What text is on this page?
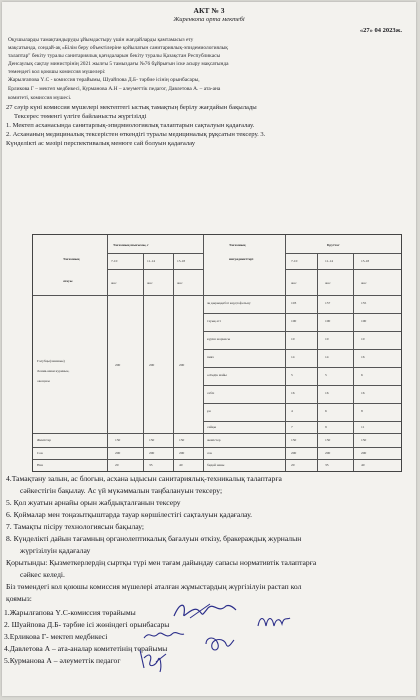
АКТ № 3
Жиренкопа орта мектебі
«27» 04 2023ж.
Оқушыларды тамақтандыруды ұйымдастыру үшін жағдайларды қамтамасыз ету
мақсатында, сондай-ақ «Білім беру объектілеріне қойылатын санитариялық-эпидемиологиялық
талаптар" бекіту туралы санитариялық қағидаларын бекіту туралы Қазақстан Республикасы
Денсаулық сақтау министрінің 2021 жылғы 5 тамыздағы №76 бұйрығын іске асыру мақсатында
төмендегі кол қоюшы комиссия мүшелері:
Жарылғапова Ү.С - комиссия төрайымы, Шуайпова Д.Б- тәрбие ісінің орынбасары,
Ерликова Г – мектеп медбикесі, Курманова А.Н – алеуметтік педагог, Давлетова А. – ата-ана
комитеті, комиссия мүшесі.
27 сәуір күні комиссия мүшелері мектептегі ыстық тамақтың берілу жағдайын бақылады
Тексерес төменгі үлгіге байланысты жүргізілді
1. Мектеп асханасында санитарлық-эпидмиологиялық талаптарын сақталуын қадағалау.
2. Асхананың медициналық тексерістен өткендігі туралы медициналық рұқсатын тексеру. 3.
Күнделікті ас мәзірі перспективалық менюге сай болуын қадағалау
Тағамның
атауы
Тағамның шығымы, г	Тағамның
ингредиенттері
Бруттоr
7-10	11-14	15-18
жас	жас	жас
7-10	11-14	15-18
жас	жас	жас
Голубцы(ленивые)
Ленив-ники куриные,
овощное
200	200	200
ақ қырыққабат кардтофельну	103	157	155
тауық еті	100	100	100
күріш жармасы	10	10	10
пияз	14	14	16
өсімдік майы	5	5	6
сәбіз	16	16	16
ұн	4	6	8
сайқы	7	9	11
Жемістер	150	150	150	жемістер	150	150	150
Сок	200	200	200	сок	200	200	200
Нан	20	35	40	бидай наны	20	35	40
4.Тамақтану залын, ас блогын, асхана ыдысын санитариялық-техникалық талаптарға
сәйкестігін бақылау. Ас үй мүкәммалын таңбалануын тексеру;
5. Қол жуатын арнайы орын жабдықталғанын тексеру
6. Қоймалар мен тоңазытқыштарда тауар көршілестігі сақталуын қадағалау.
7. Тамақты пісіру технологиясын бақылау;
8. Күнделікті дайын тағамның органолептикалық бағалуын өткізу, бракераждық журналын
жүргізілуін қадағалау
Қорытынды: Қызметкерлердің сыртқы түрі мен тағам дайындау сапасы нормативтік талаптарға
сәйкес келеді.
Біз төмендегі кол қоюшы комиссия мүшелері аталған жұмыстардың жүргізілуін растап кол
қоямыз:
1.Жарылғапова Ү.С-комиссия төрайымы
2. Шуайпова Д.Б- тәрбие ісі жөніндегі орынбасары
3.Ерликова Г- мектеп медбикесі
4.Давлетова А – ата-аналар комитетінің төрайымы
5.Курманова А – әлеуметтік педагог
